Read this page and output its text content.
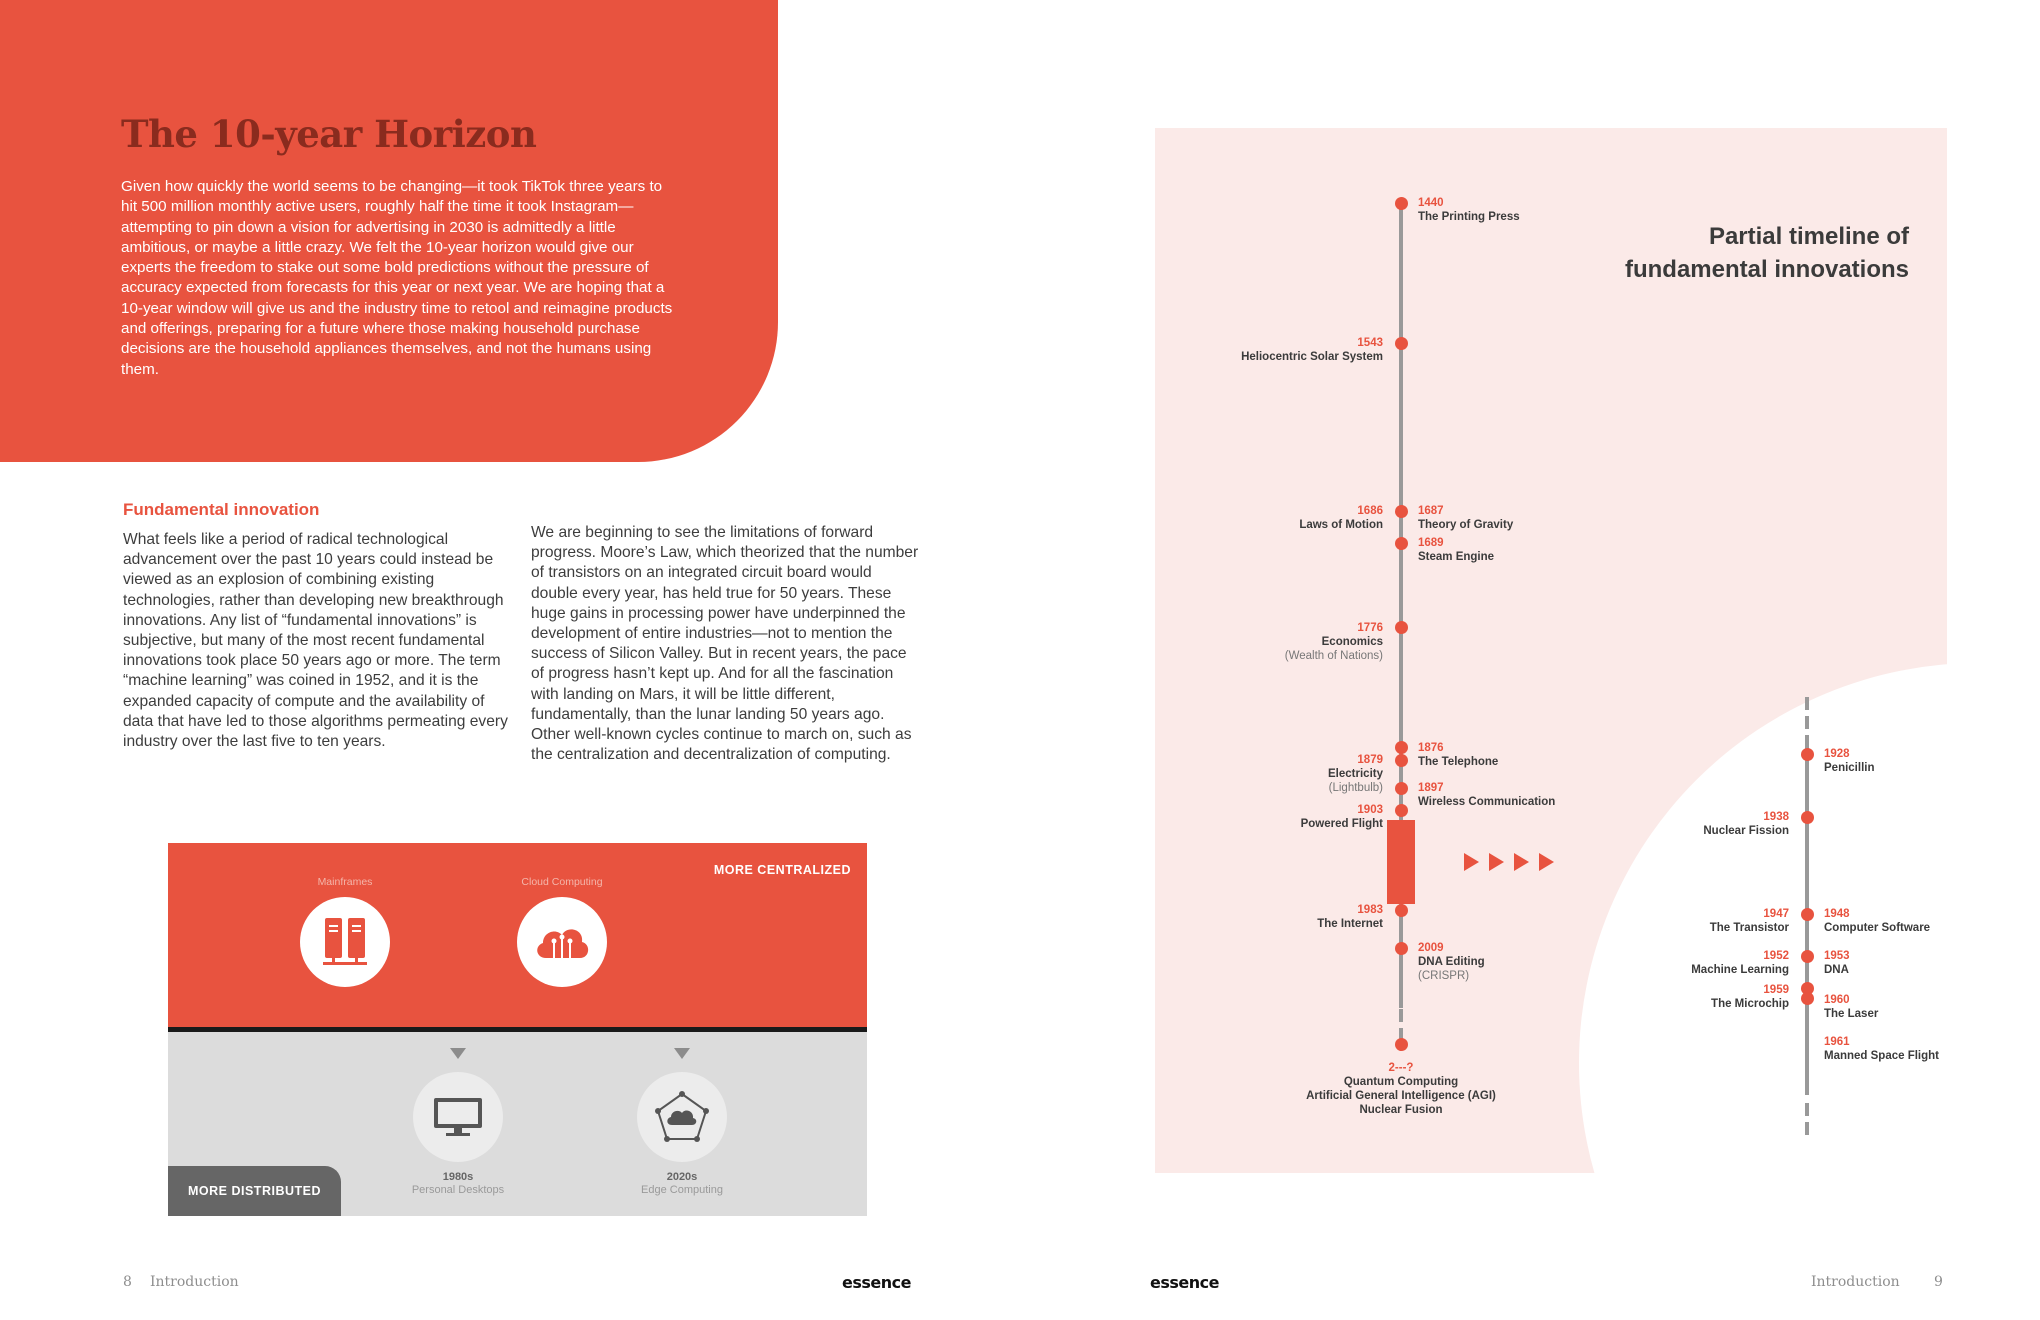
The 10-year Horizon

Given how quickly the world seems to be changing—it took TikTok three years to hit 500 million monthly active users, roughly half the time it took Instagram—attempting to pin down a vision for advertising in 2030 is admittedly a little ambitious, or maybe a little crazy. We felt the 10-year horizon would give our experts the freedom to stake out some bold predictions without the pressure of accuracy expected from forecasts for this year or next year. We are hoping that a 10-year window will give us and the industry time to retool and reimagine products and offerings, preparing for a future where those making household purchase decisions are the household appliances themselves, and not the humans using them.

Fundamental innovation

What feels like a period of radical technological advancement over the past 10 years could instead be viewed as an explosion of combining existing technologies, rather than developing new breakthrough innovations. Any list of “fundamental innovations” is subjective, but many of the most recent fundamental innovations took place 50 years ago or more. The term “machine learning” was coined in 1952, and it is the expanded capacity of compute and the availability of data that have led to those algorithms permeating every industry over the last five to ten years.

We are beginning to see the limitations of forward progress. Moore’s Law, which theorized that the number of transistors on an integrated circuit board would double every year, has held true for 50 years. These huge gains in processing power have underpinned the development of entire industries—not to mention the success of Silicon Valley. But in recent years, the pace of progress hasn’t kept up. And for all the fascination with landing on Mars, it will be little different, fundamentally, than the lunar landing 50 years ago. Other well-known cycles continue to march on, such as the centralization and decentralization of computing.

MORE CENTRALIZED
Mainframes	Cloud Computing
1980s
Personal Desktops
2020s
Edge Computing
MORE DISTRIBUTED
8 Introduction	essence
Partial timeline of
fundamental innovations
1440
The Printing Press
1543
Heliocentric Solar System
1686
Laws of Motion
1687
Theory of Gravity
1689
Steam Engine
1776
Economics
(Wealth of Nations)
1876
The Telephone
1879
Electricity
(Lightbulb)	1897
Wireless Communication
1903
Powered Flight
1983
The Internet
2009
DNA Editing
(CRISPR)
2---?
Quantum Computing
Artificial General Intelligence (AGI)
Nuclear Fusion
1928
Penicillin
1938
Nuclear Fission
1947
The Transistor
1948
Computer Software
1952
Machine Learning
1953
DNA
1959
The Microchip	1960
The Laser
1961
Manned Space Flight
essence	Introduction 9
